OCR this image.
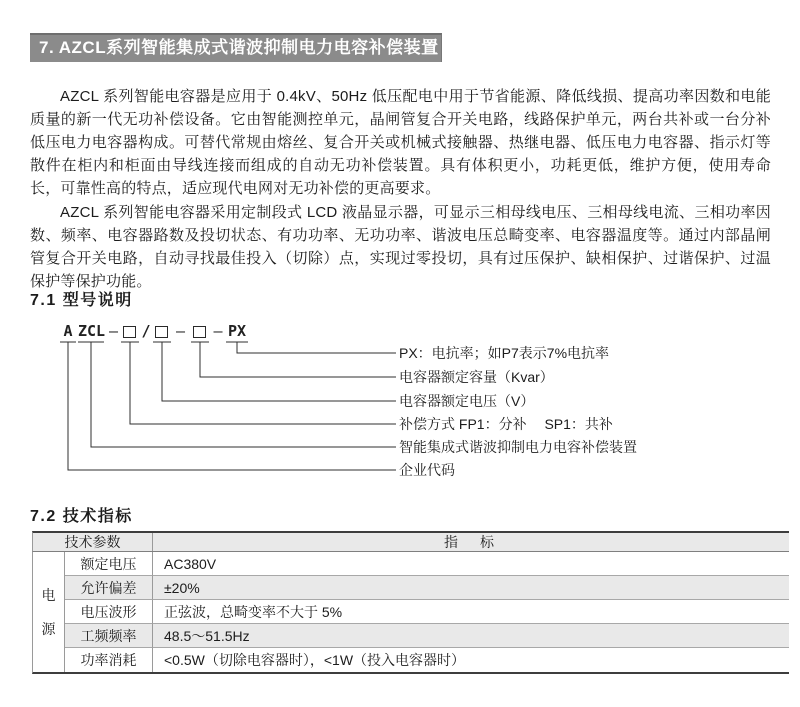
7. AZCL系列智能集成式谐波抑制电力电容补偿装置
AZCL 系列智能电容器是应用于 0.4kV、50Hz 低压配电中用于节省能源、降低线损、提高功率因数和电能质量的新一代无功补偿设备。它由智能测控单元，晶闸管复合开关电路，线路保护单元，两台共补或一台分补低压电力电容器构成。可替代常规由熔丝、复合开关或机械式接触器、热继电器、低压电力电容器、指示灯等散件在柜内和柜面由导线连接而组成的自动无功补偿装置。具有体积更小，功耗更低，维护方便，使用寿命长，可靠性高的特点，适应现代电网对无功补偿的更高要求。
AZCL 系列智能电容器采用定制段式 LCD 液晶显示器，可显示三相母线电压、三相母线电流、三相功率因数、频率、电容器路数及投切状态、有功功率、无功功率、谐波电压总畸变率、电容器温度等。通过内部晶闸管复合开关电路，自动寻找最佳投入（切除）点，实现过零投切，具有过压保护、缺相保护、过谐保护、过温保护等保护功能。
7.1 型号说明
A ZCL — / — — PX
PX：电抗率；如P7表示7%电抗率
电容器额定容量（Kvar）
电容器额定电压（V）
补偿方式 FP1：分补　 SP1：共补
智能集成式谐波抑制电力电容补偿装置
企业代码
7.2 技术指标
技术参数	指　标
电源
额定电压	AC380V
允许偏差	±20%
电压波形	正弦波，总畸变率不大于 5%
工频频率	48.5～51.5Hz
功率消耗	<0.5W（切除电容器时），<1W（投入电容器时）
